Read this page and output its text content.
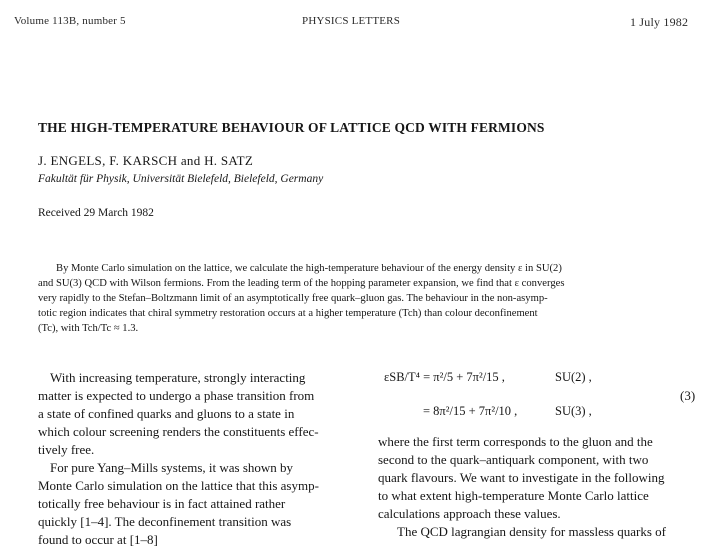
Volume 113B, number 5	PHYSICS LETTERS	1 July 1982
THE HIGH-TEMPERATURE BEHAVIOUR OF LATTICE QCD WITH FERMIONS
J. ENGELS, F. KARSCH and H. SATZ
Fakultät für Physik, Universität Bielefeld, Bielefeld, Germany
Received 29 March 1982
By Monte Carlo simulation on the lattice, we calculate the high-temperature behaviour of the energy density ε in SU(2)
and SU(3) QCD with Wilson fermions. From the leading term of the hopping parameter expansion, we find that ε converges
very rapidly to the Stefan–Boltzmann limit of an asymptotically free quark–gluon gas. The behaviour in the non-asymp-
totic region indicates that chiral symmetry restoration occurs at a higher temperature (Tch) than colour deconfinement
(Tc), with Tch/Tc ≈ 1.3.
With increasing temperature, strongly interacting
matter is expected to undergo a phase transition from
a state of confined quarks and gluons to a state in
which colour screening renders the constituents effec-
tively free.
For pure Yang–Mills systems, it was shown by
Monte Carlo simulation on the lattice that this asymp-
totically free behaviour is in fact attained rather
quickly [1–4]. The deconfinement transition was
found to occur at [1–8]
εSB/T⁴ = π²/5 + 7π²/15 ,	SU(2) ,
= 8π²/15 + 7π²/10 ,	SU(3) ,
(3)
where the first term corresponds to the gluon and the
second to the quark–antiquark component, with two
quark flavours. We want to investigate in the following
to what extent high-temperature Monte Carlo lattice
calculations approach these values.
The QCD lagrangian density for massless quarks of
